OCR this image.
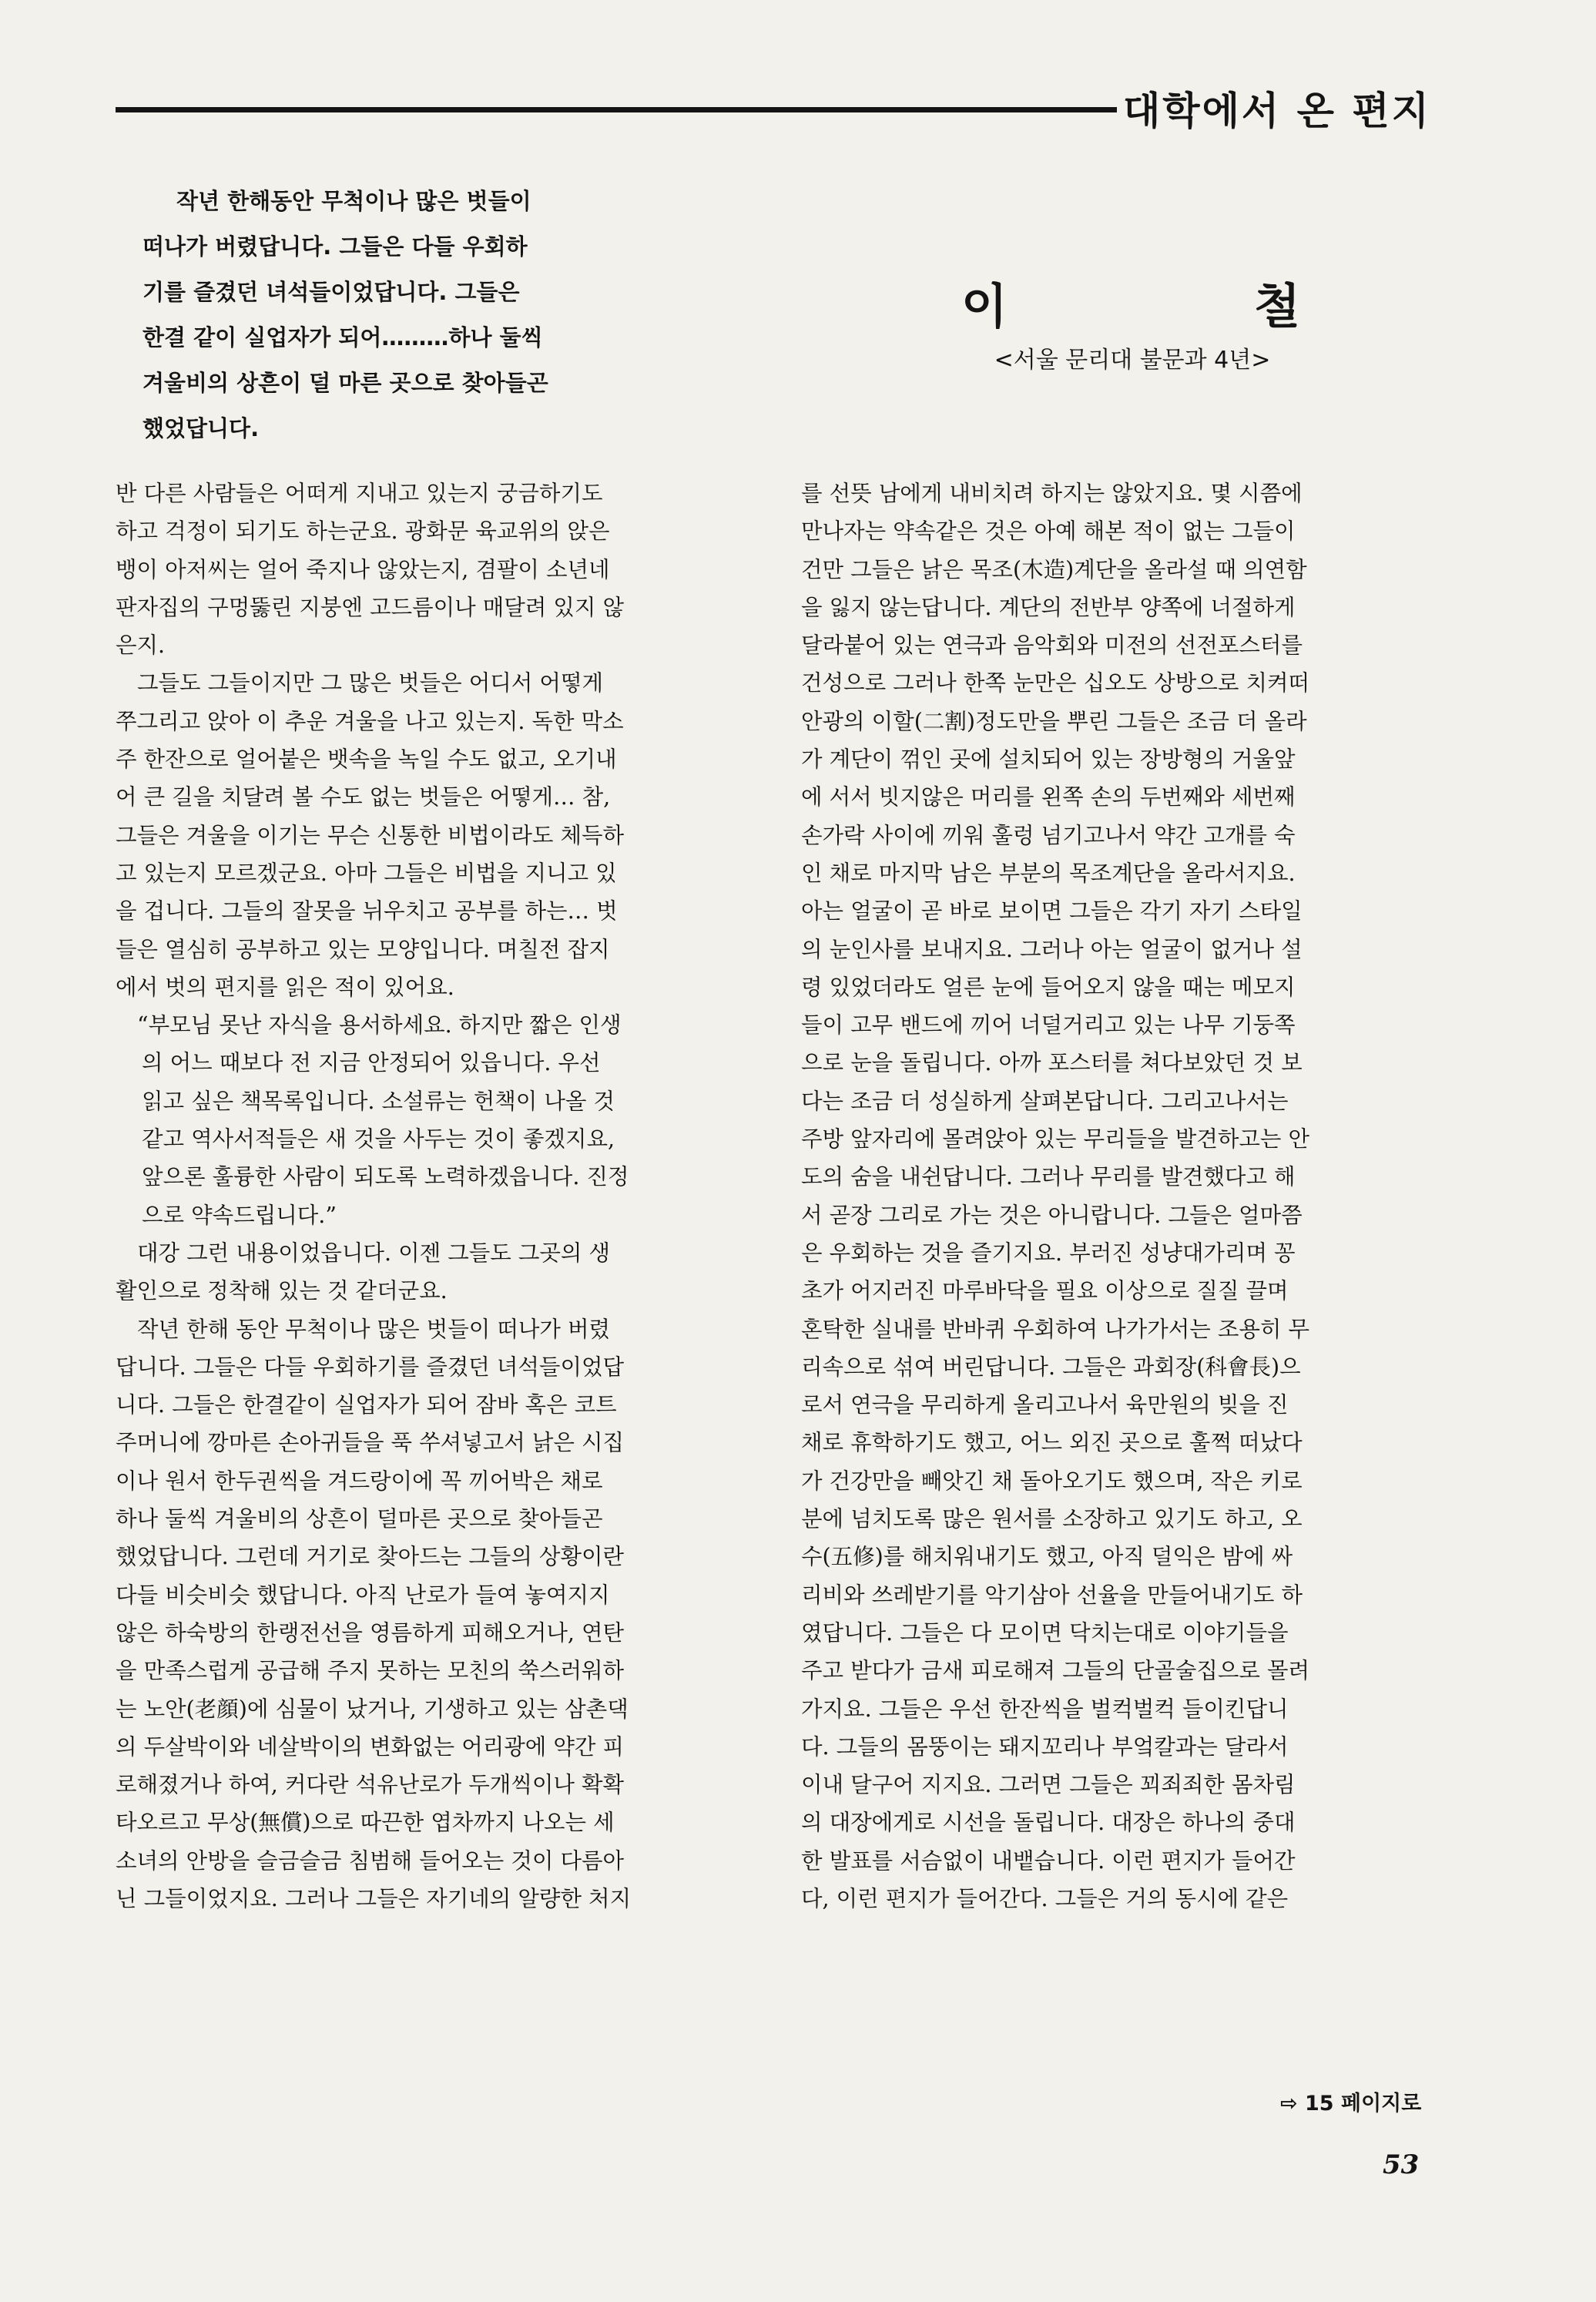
대학에서 온 편지

작년 한해동안 무척이나 많은 벗들이

떠나가 버렸답니다. 그들은 다들 우회하

기를 즐겼던 녀석들이었답니다. 그들은

한결 같이 실업자가 되어………하나 둘씩

겨울비의 상흔이 덜 마른 곳으로 찾아들곤

했었답니다.

이	철
<서울 문리대 불문과 4년>

반 다른 사람들은 어떠게 지내고 있는지 궁금하기도

하고 걱정이 되기도 하는군요. 광화문 육교위의 앉은

뱅이 아저씨는 얼어 죽지나 않았는지, 겸팔이 소년네

판자집의 구멍뚫린 지붕엔 고드름이나 매달려 있지 않

은지.

그들도 그들이지만 그 많은 벗들은 어디서 어떻게

쭈그리고 앉아 이 추운 겨울을 나고 있는지. 독한 막소

주 한잔으로 얼어붙은 뱃속을 녹일 수도 없고, 오기내

어 큰 길을 치달려 볼 수도 없는 벗들은 어떻게… 참,

그들은 겨울을 이기는 무슨 신통한 비법이라도 체득하

고 있는지 모르겠군요. 아마 그들은 비법을 지니고 있

을 겁니다. 그들의 잘못을 뉘우치고 공부를 하는… 벗

들은 열심히 공부하고 있는 모양입니다. 며칠전 잡지

에서 벗의 편지를 읽은 적이 있어요.

“부모님 못난 자식을 용서하세요. 하지만 짧은 인생

의 어느 때보다 전 지금 안정되어 있읍니다. 우선

읽고 싶은 책목록입니다. 소설류는 헌책이 나올 것

같고 역사서적들은 새 것을 사두는 것이 좋겠지요,

앞으론 훌륭한 사람이 되도록 노력하겠읍니다. 진정

으로 약속드립니다.”

대강 그런 내용이었읍니다. 이젠 그들도 그곳의 생

활인으로 정착해 있는 것 같더군요.

작년 한해 동안 무척이나 많은 벗들이 떠나가 버렸

답니다. 그들은 다들 우회하기를 즐겼던 녀석들이었답

니다. 그들은 한결같이 실업자가 되어 잠바 혹은 코트

주머니에 깡마른 손아귀들을 푹 쑤셔넣고서 낡은 시집

이나 원서 한두권씩을 겨드랑이에 꼭 끼어박은 채로

하나 둘씩 겨울비의 상흔이 덜마른 곳으로 찾아들곤

했었답니다. 그런데 거기로 찾아드는 그들의 상황이란

다들 비슷비슷 했답니다. 아직 난로가 들여 놓여지지

않은 하숙방의 한랭전선을 영름하게 피해오거나, 연탄

을 만족스럽게 공급해 주지 못하는 모친의 쑥스러워하

는 노안(老顔)에 심물이 났거나, 기생하고 있는 삼촌댁

의 두살박이와 네살박이의 변화없는 어리광에 약간 피

로해졌거나 하여, 커다란 석유난로가 두개씩이나 확확

타오르고 무상(無償)으로 따끈한 엽차까지 나오는 세

소녀의 안방을 슬금슬금 침범해 들어오는 것이 다름아

닌 그들이었지요. 그러나 그들은 자기네의 알량한 처지

를 선뜻 남에게 내비치려 하지는 않았지요. 몇 시쯤에

만나자는 약속같은 것은 아예 해본 적이 없는 그들이

건만 그들은 낡은 목조(木造)계단을 올라설 때 의연함

을 잃지 않는답니다. 계단의 전반부 양쪽에 너절하게

달라붙어 있는 연극과 음악회와 미전의 선전포스터를

건성으로 그러나 한쪽 눈만은 십오도 상방으로 치켜떠

안광의 이할(二割)정도만을 뿌린 그들은 조금 더 올라

가 계단이 꺾인 곳에 설치되어 있는 장방형의 거울앞

에 서서 빗지않은 머리를 왼쪽 손의 두번째와 세번째

손가락 사이에 끼워 훌렁 넘기고나서 약간 고개를 숙

인 채로 마지막 남은 부분의 목조계단을 올라서지요.

아는 얼굴이 곧 바로 보이면 그들은 각기 자기 스타일

의 눈인사를 보내지요. 그러나 아는 얼굴이 없거나 설

령 있었더라도 얼른 눈에 들어오지 않을 때는 메모지

들이 고무 밴드에 끼어 너덜거리고 있는 나무 기둥쪽

으로 눈을 돌립니다. 아까 포스터를 쳐다보았던 것 보

다는 조금 더 성실하게 살펴본답니다. 그리고나서는

주방 앞자리에 몰려앉아 있는 무리들을 발견하고는 안

도의 숨을 내쉰답니다. 그러나 무리를 발견했다고 해

서 곧장 그리로 가는 것은 아니랍니다. 그들은 얼마쯤

은 우회하는 것을 즐기지요. 부러진 성냥대가리며 꽁

초가 어지러진 마루바닥을 필요 이상으로 질질 끌며

혼탁한 실내를 반바퀴 우회하여 나가가서는 조용히 무

리속으로 섞여 버린답니다. 그들은 과회장(科會長)으

로서 연극을 무리하게 올리고나서 육만원의 빚을 진

채로 휴학하기도 했고, 어느 외진 곳으로 훌쩍 떠났다

가 건강만을 빼앗긴 채 돌아오기도 했으며, 작은 키로

분에 넘치도록 많은 원서를 소장하고 있기도 하고, 오

수(五修)를 해치워내기도 했고, 아직 덜익은 밤에 싸

리비와 쓰레받기를 악기삼아 선율을 만들어내기도 하

였답니다. 그들은 다 모이면 닥치는대로 이야기들을

주고 받다가 금새 피로해져 그들의 단골술집으로 몰려

가지요. 그들은 우선 한잔씩을 벌컥벌컥 들이킨답니

다. 그들의 몸뚱이는 돼지꼬리나 부엌칼과는 달라서

이내 달구어 지지요. 그러면 그들은 꾀죄죄한 몸차림

의 대장에게로 시선을 돌립니다. 대장은 하나의 중대

한 발표를 서슴없이 내뱉습니다. 이런 편지가 들어간

다, 이런 편지가 들어간다. 그들은 거의 동시에 같은

⇨ 15 페이지로
53
